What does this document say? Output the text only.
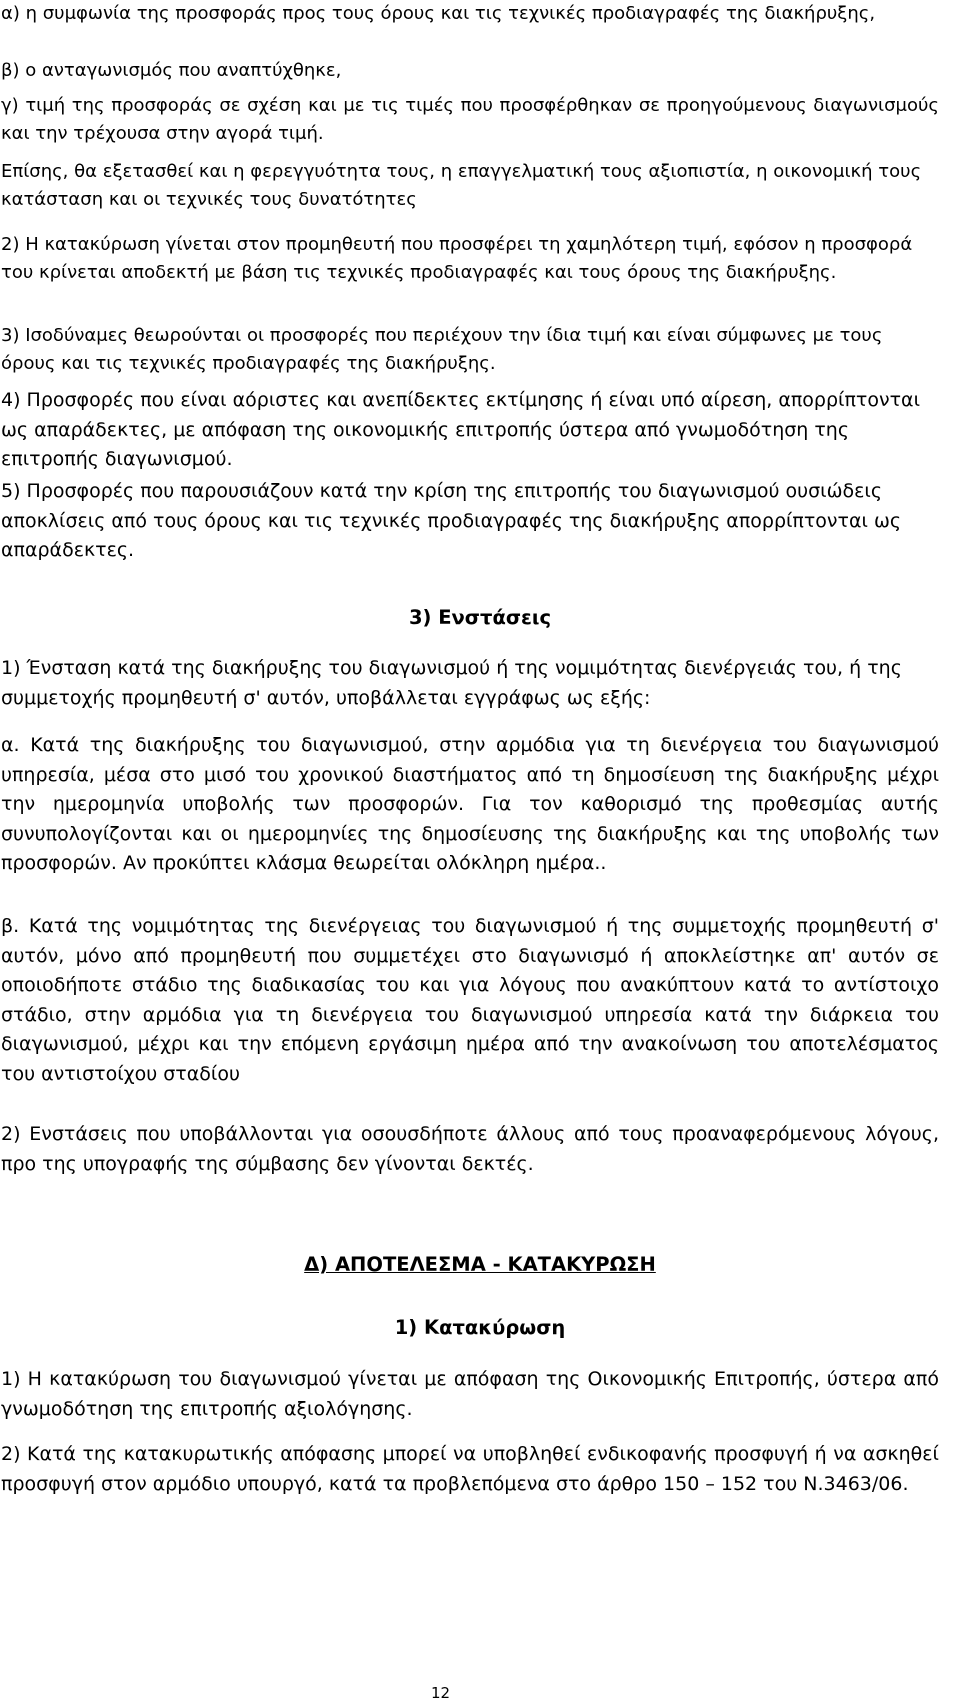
α) η συμφωνία της προσφοράς προς τους όρους και τις τεχνικές προδιαγραφές της διακήρυξης,

β) ο ανταγωνισμός που αναπτύχθηκε,

γ) τιμή της προσφοράς σε σχέση και με τις τιμές που προσφέρθηκαν σε προηγούμενους διαγωνισμούς και την τρέχουσα στην αγορά τιμή.

Επίσης, θα εξετασθεί και η φερεγγυότητα τους, η επαγγελματική τους αξιοπιστία, η οικονομική τους κατάσταση και οι τεχνικές τους δυνατότητες

2) Η κατακύρωση γίνεται στον προμηθευτή που προσφέρει τη χαμηλότερη τιμή, εφόσον η προσφορά του κρίνεται αποδεκτή με βάση τις τεχνικές προδιαγραφές και τους όρους της διακήρυξης.

3) Ισοδύναμες θεωρούνται οι προσφορές που περιέχουν την ίδια τιμή και είναι σύμφωνες με τους όρους και τις τεχνικές προδιαγραφές της διακήρυξης.

4) Προσφορές που είναι αόριστες και ανεπίδεκτες εκτίμησης ή είναι υπό αίρεση, απορρίπτονται ως απαράδεκτες, με απόφαση της οικονομικής επιτροπής ύστερα από γνωμοδότηση της επιτροπής διαγωνισμού.

5) Προσφορές που παρουσιάζουν κατά την κρίση της επιτροπής του διαγωνισμού ουσιώδεις αποκλίσεις από τους όρους και τις τεχνικές προδιαγραφές της διακήρυξης απορρίπτονται ως απαράδεκτες.

3) Ενστάσεις

1) Ένσταση κατά της διακήρυξης του διαγωνισμού ή της νομιμότητας διενέργειάς του, ή της συμμετοχής προμηθευτή σ' αυτόν, υποβάλλεται εγγράφως ως εξής:

α. Κατά της διακήρυξης του διαγωνισμού, στην αρμόδια για τη διενέργεια του διαγωνισμού υπηρεσία, μέσα στο μισό του χρονικού διαστήματος από τη δημοσίευση της διακήρυξης μέχρι την ημερομηνία υποβολής των προσφορών. Για τον καθορισμό της προθεσμίας αυτής συνυπολογίζονται και οι ημερομηνίες της δημοσίευσης της διακήρυξης και της υποβολής των προσφορών. Αν προκύπτει κλάσμα θεωρείται ολόκληρη ημέρα..

β. Κατά της νομιμότητας της διενέργειας του διαγωνισμού ή της συμμετοχής προμηθευτή σ' αυτόν, μόνο από προμηθευτή που συμμετέχει στο διαγωνισμό ή αποκλείστηκε απ' αυτόν σε οποιοδήποτε στάδιο της διαδικασίας του και για λόγους που ανακύπτουν κατά το αντίστοιχο στάδιο, στην αρμόδια για τη διενέργεια του διαγωνισμού υπηρεσία κατά την διάρκεια του διαγωνισμού, μέχρι και την επόμενη εργάσιμη ημέρα από την ανακοίνωση του αποτελέσματος του αντιστοίχου σταδίου

2) Ενστάσεις που υποβάλλονται για οσουσδήποτε άλλους από τους προαναφερόμενους λόγους, προ της υπογραφής της σύμβασης δεν γίνονται δεκτές.

Δ) ΑΠΟΤΕΛΕΣΜΑ - ΚΑΤΑΚΥΡΩΣΗ

1) Κατακύρωση

1) Η κατακύρωση του διαγωνισμού γίνεται με απόφαση της Οικονομικής Επιτροπής, ύστερα από γνωμοδότηση της επιτροπής αξιολόγησης.

2) Κατά της κατακυρωτικής απόφασης μπορεί να υποβληθεί ενδικοφανής προσφυγή ή να ασκηθεί προσφυγή στον αρμόδιο υπουργό, κατά τα προβλεπόμενα στο άρθρο 150 – 152 του Ν.3463/06.

12
